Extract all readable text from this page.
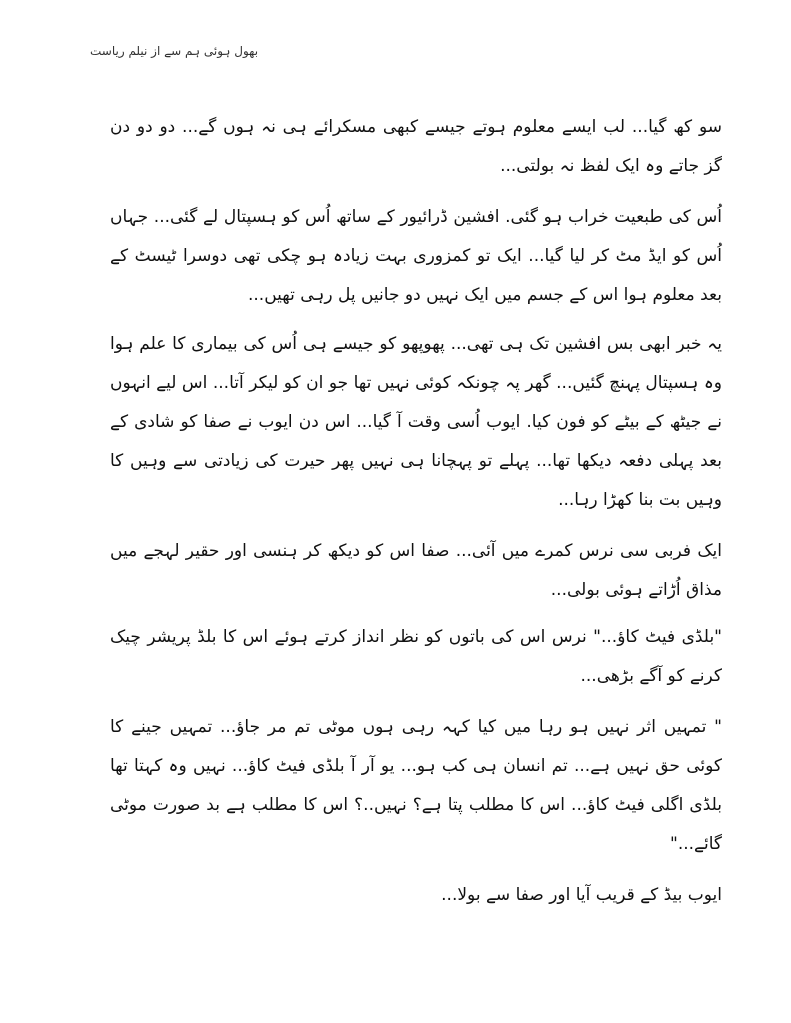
بھول ہوئی ہم سے از نیلم ریاست

سو کھ گیا... لب ایسے معلوم ہوتے جیسے کبھی مسکرائے ہی نہ ہوں گے... دو دو دن گز جاتے وہ ایک لفظ نہ بولتی...

اُس کی طبعیت خراب ہو گئی. افشین ڈرائیور کے ساتھ اُس کو ہسپتال لے گئی... جہاں اُس کو ایڈ مٹ کر لیا گیا... ایک تو کمزوری بہت زیادہ ہو چکی تھی دوسرا ٹیسٹ کے بعد معلوم ہوا اس کے جسم میں ایک نہیں دو جانیں پل رہی تھیں...

یہ خبر ابھی بس افشین تک ہی تھی... پھوپھو کو جیسے ہی اُس کی بیماری کا علم ہوا وہ ہسپتال پہنچ گئیں... گھر پہ چونکہ کوئی نہیں تھا جو ان کو لیکر آتا... اس لیے انہوں نے جیٹھ کے بیٹے کو فون کیا. ایوب اُسی وقت آ گیا... اس دن ایوب نے صفا کو شادی کے بعد پہلی دفعہ دیکھا تھا... پہلے تو پہچانا ہی نہیں پھر حیرت کی زیادتی سے وہیں کا وہیں بت بنا کھڑا رہا...

ایک فربی سی نرس کمرے میں آئی... صفا اس کو دیکھ کر ہنسی اور حقیر لہجے میں مذاق اُڑاتے ہوئی بولی...

"بلڈی فیٹ کاؤ..." نرس اس کی باتوں کو نظر انداز کرتے ہوئے اس کا بلڈ پریشر چیک کرنے کو آگے بڑھی...

" تمہیں اثر نہیں ہو رہا میں کیا کہہ رہی ہوں موٹی تم مر جاؤ... تمہیں جینے کا کوئی حق نہیں ہے... تم انسان ہی کب ہو... یو آر آ بلڈی فیٹ کاؤ... نہیں وہ کہتا تھا بلڈی اگلی فیٹ کاؤ... اس کا مطلب پتا ہے؟ نہیں..؟ اس کا مطلب ہے بد صورت موٹی گائے..."

ایوب بیڈ کے قریب آیا اور صفا سے بولا...
